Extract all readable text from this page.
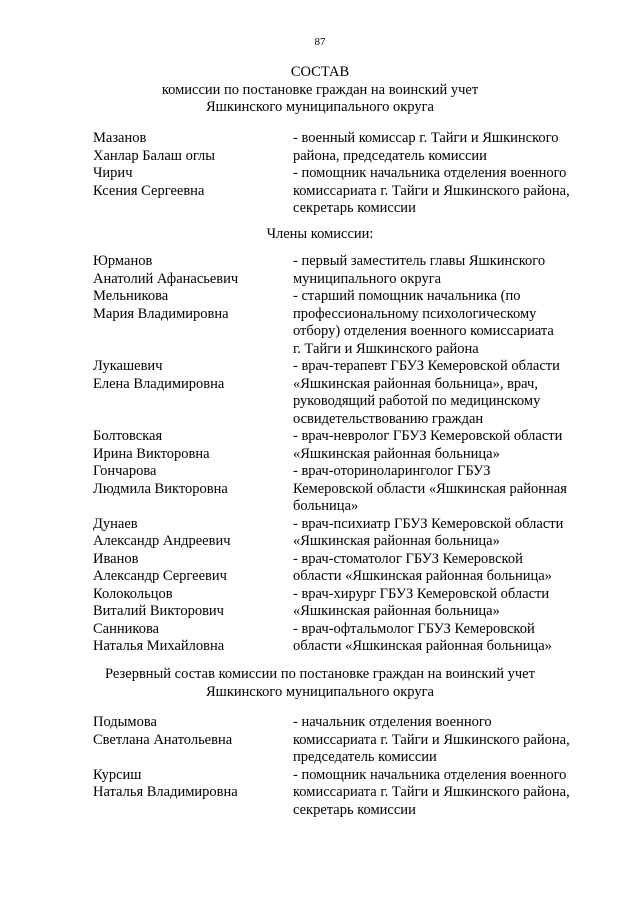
87
СОСТАВ
комиссии по постановке граждан на воинский учет
Яшкинского муниципального округа
Мазанов	- военный комиссар г. Тайги и Яшкинского
Ханлар Балаш оглы	района, председатель комиссии
Чирич	- помощник начальника отделения военного
Ксения Сергеевна	комиссариата г. Тайги и Яшкинского района,
секретарь комиссии
Члены комиссии:
Юрманов	- первый заместитель главы Яшкинского
Анатолий Афанасьевич	муниципального округа
Мельникова	- старший помощник начальника (по
Мария Владимировна	профессиональному психологическому
отбору) отделения военного комиссариата
г. Тайги и Яшкинского района
Лукашевич	- врач-терапевт ГБУЗ Кемеровской области
Елена Владимировна	«Яшкинская районная больница», врач,
руководящий работой по медицинскому
освидетельствованию граждан
Болтовская	- врач-невролог ГБУЗ Кемеровской области
Ирина Викторовна	«Яшкинская районная больница»
Гончарова	- врач-оториноларинголог ГБУЗ
Людмила Викторовна	Кемеровской области «Яшкинская районная
больница»
Дунаев	- врач-психиатр ГБУЗ Кемеровской области
Александр Андреевич	«Яшкинская районная больница»
Иванов	- врач-стоматолог ГБУЗ Кемеровской
Александр Сергеевич	области «Яшкинская районная больница»
Колокольцов	- врач-хирург ГБУЗ Кемеровской области
Виталий Викторович	«Яшкинская районная больница»
Санникова	- врач-офтальмолог ГБУЗ Кемеровской
Наталья Михайловна	области «Яшкинская районная больница»
Резервный состав комиссии по постановке граждан на воинский учет
Яшкинского муниципального округа
Подымова	- начальник отделения военного
Светлана Анатольевна	комиссариата г. Тайги и Яшкинского района,
председатель комиссии
Курсиш	- помощник начальника отделения военного
Наталья Владимировна	комиссариата г. Тайги и Яшкинского района,
секретарь комиссии
